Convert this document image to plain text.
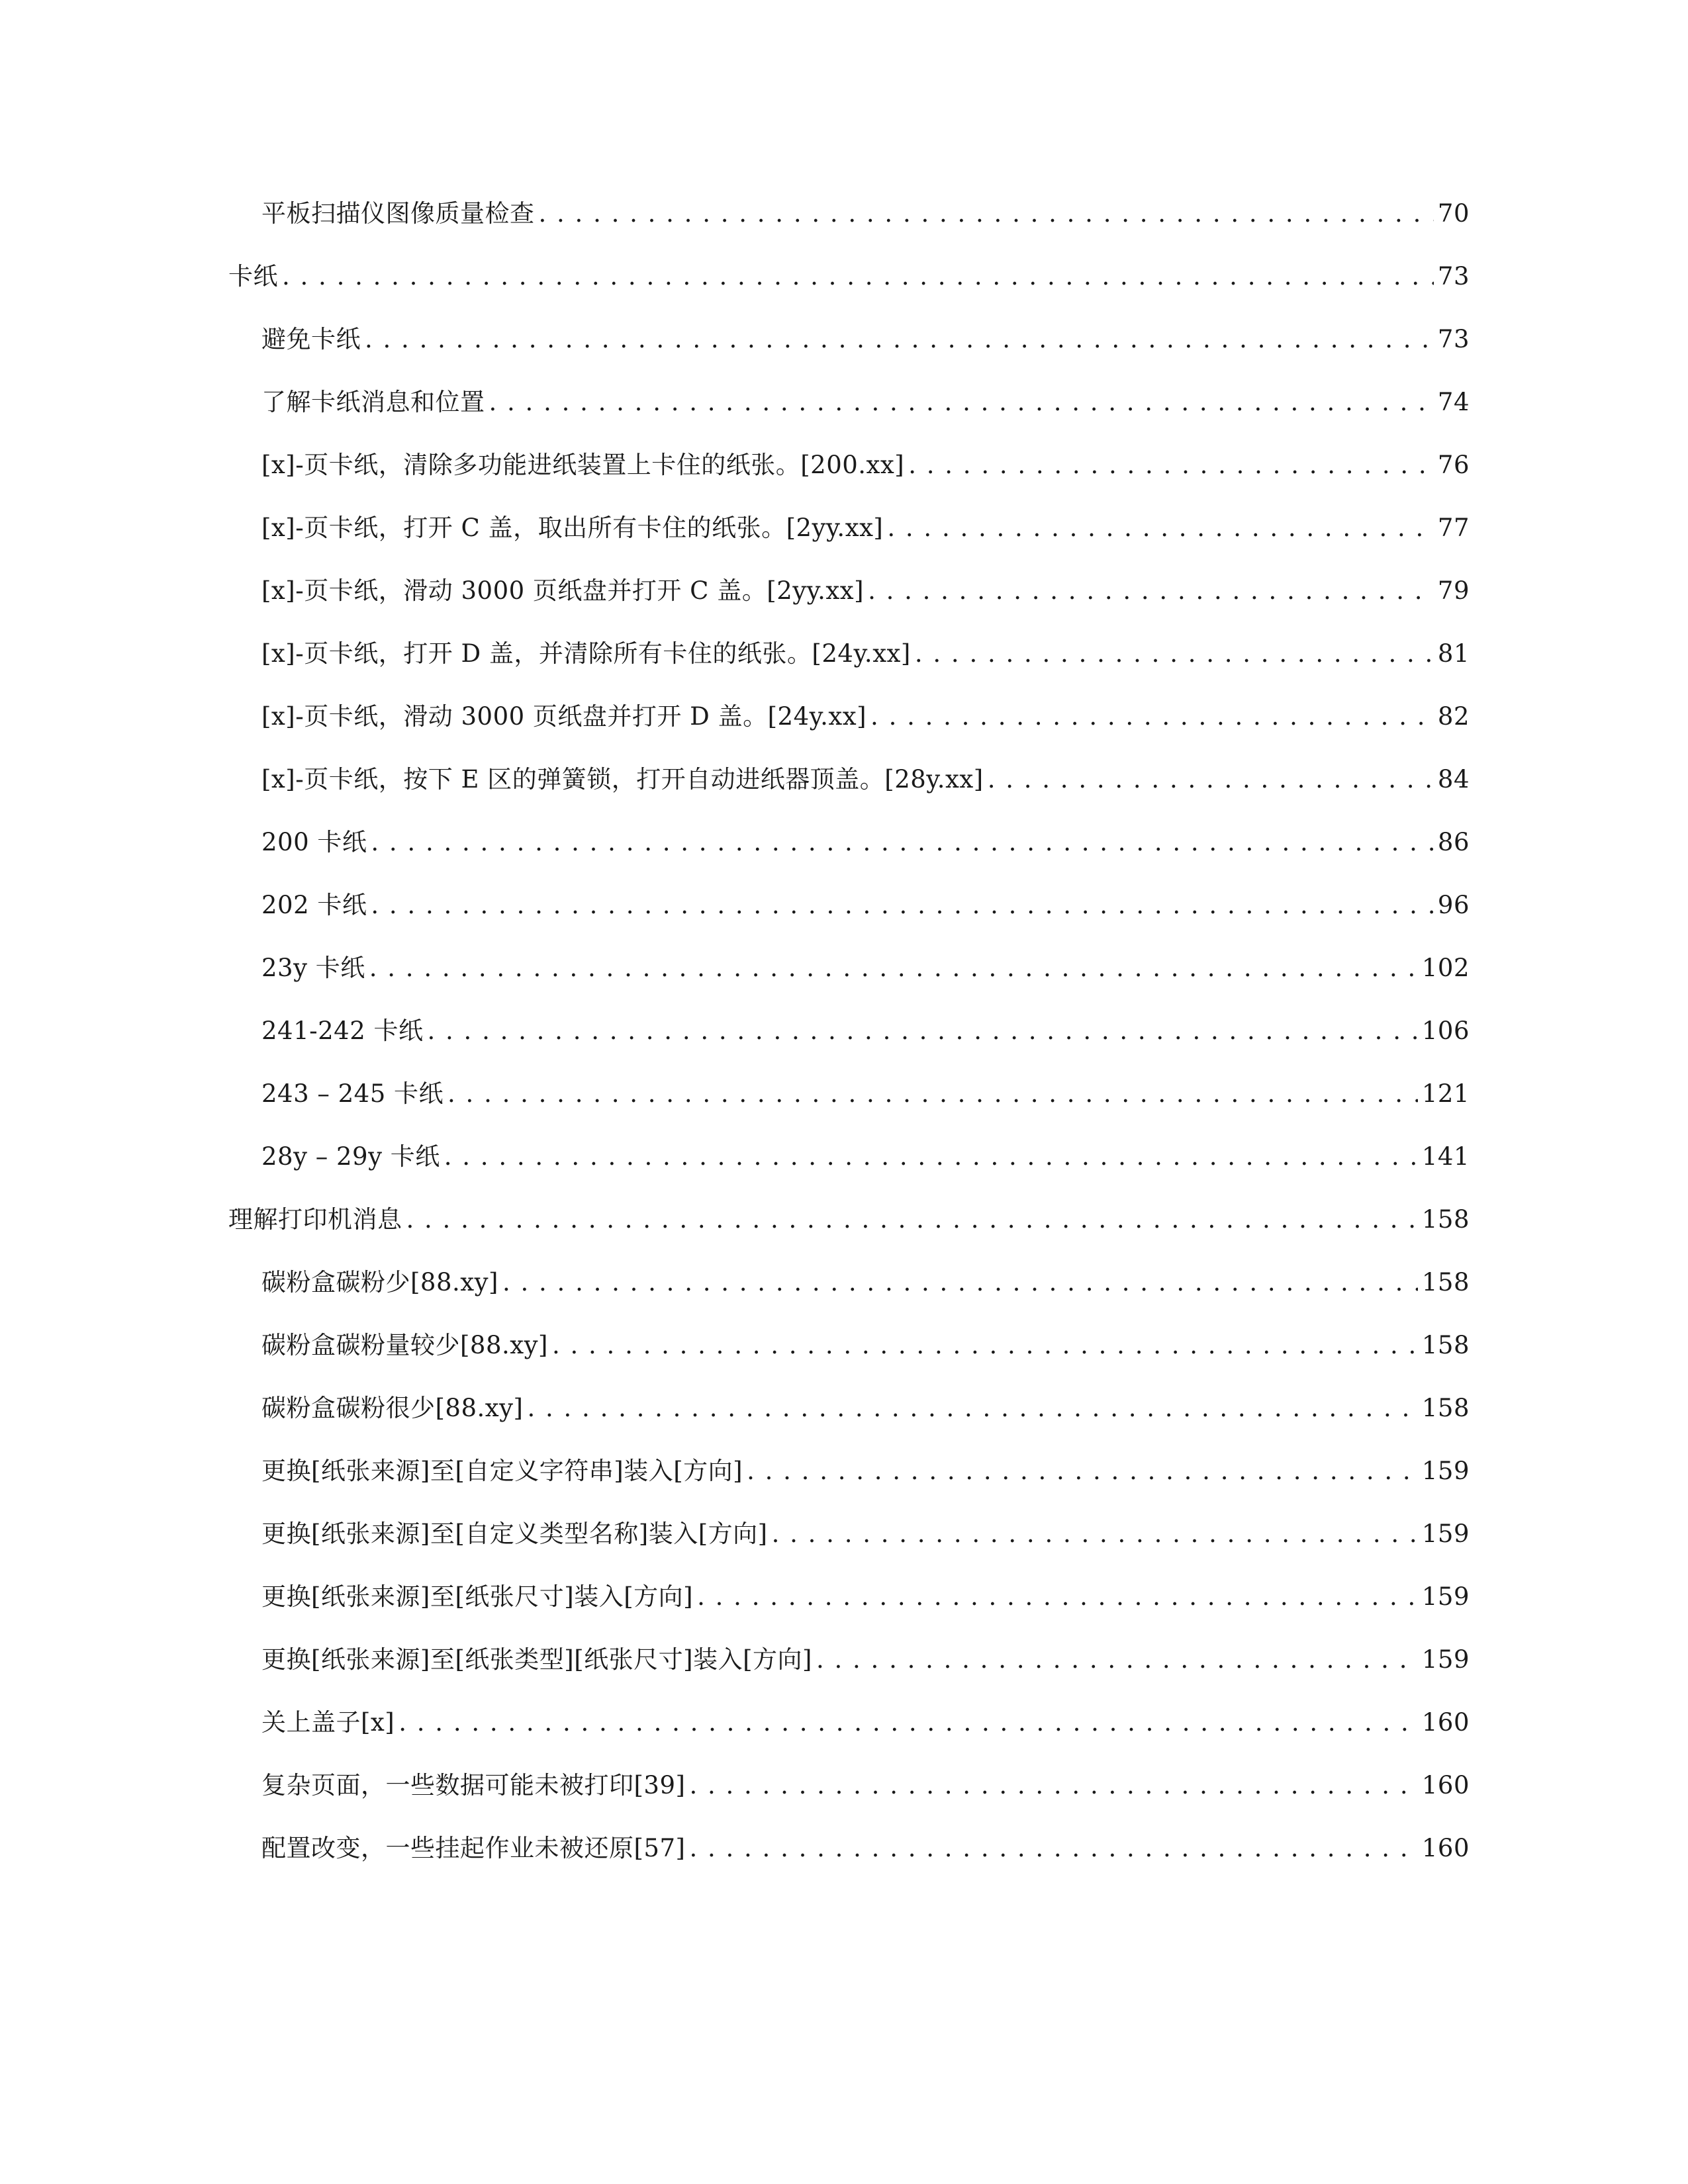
平板扫描仪图像质量检查 . . .	70
卡纸 . . .	73
避免卡纸 . . .	73
了解卡纸消息和位置 . . .	74
[x]-页卡纸，清除多功能进纸装置上卡住的纸张。[200.xx] . . .	76
[x]-页卡纸，打开 C 盖，取出所有卡住的纸张。[2yy.xx] . . .	77
[x]-页卡纸，滑动 3000 页纸盘并打开 C 盖。[2yy.xx] . . .	79
[x]-页卡纸，打开 D 盖，并清除所有卡住的纸张。[24y.xx] . . .	81
[x]-页卡纸，滑动 3000 页纸盘并打开 D 盖。[24y.xx] . . .	82
[x]-页卡纸，按下 E 区的弹簧锁，打开自动进纸器顶盖。[28y.xx] . . .	84
200 卡纸 . . .	86
202 卡纸 . . .	96
23y 卡纸 . . .	102
241-242 卡纸 . . .	106
243 – 245 卡纸 . . .	121
28y – 29y 卡纸 . . .	141
理解打印机消息 . . .	158
碳粉盒碳粉少[88.xy] . . .	158
碳粉盒碳粉量较少[88.xy] . . .	158
碳粉盒碳粉很少[88.xy] . . .	158
更换[纸张来源]至[自定义字符串]装入[方向] . . .	159
更换[纸张来源]至[自定义类型名称]装入[方向] . . .	159
更换[纸张来源]至[纸张尺寸]装入[方向] . . .	159
更换[纸张来源]至[纸张类型][纸张尺寸]装入[方向] . . .	159
关上盖子[x] . . .	160
复杂页面，一些数据可能未被打印[39] . . .	160
配置改变，一些挂起作业未被还原[57] . . .	160
